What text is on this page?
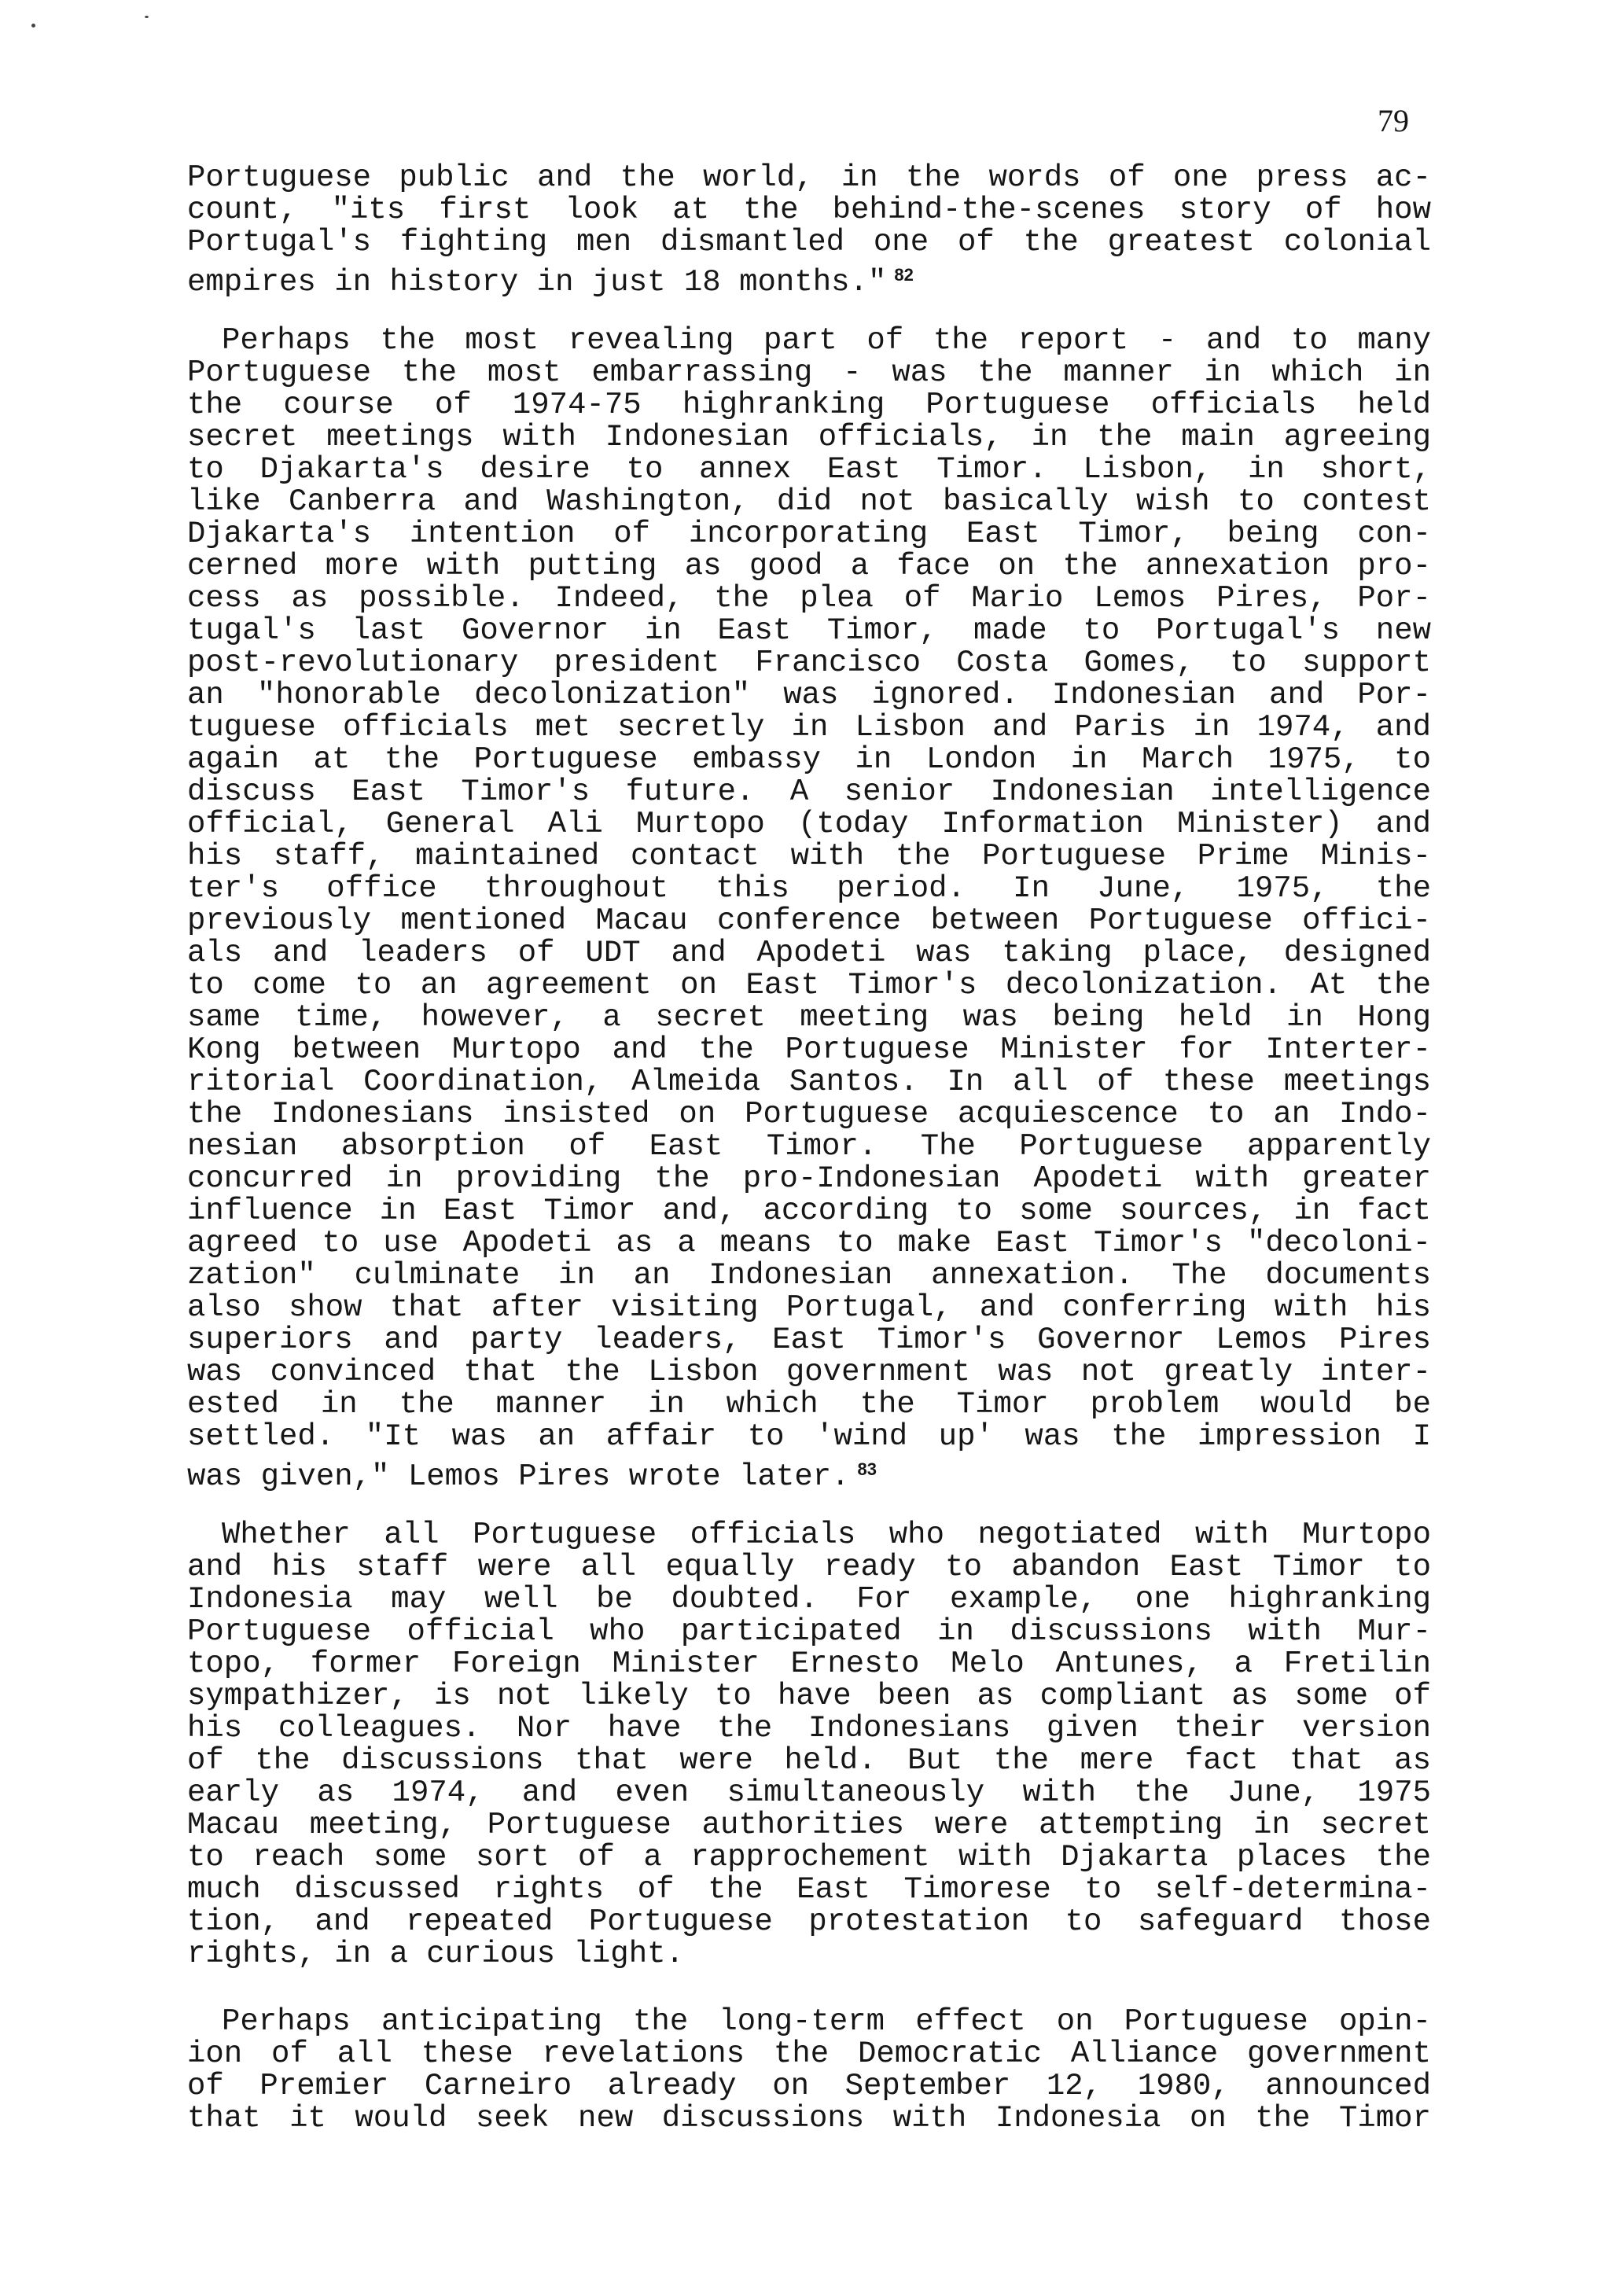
79
Portuguese public and the world, in the words of one press ac-
count, "its first look at the behind-the-scenes story of how
Portugal's fighting men dismantled one of the greatest colonial
empires in history in just 18 months." $^{82}$
Perhaps the most revealing part of the report - and to many
Portuguese the most embarrassing - was the manner in which in
the course of 1974-75 highranking Portuguese officials held
secret meetings with Indonesian officials, in the main agreeing
to Djakarta's desire to annex East Timor. Lisbon, in short,
like Canberra and Washington, did not basically wish to contest
Djakarta's intention of incorporating East Timor, being con-
cerned more with putting as good a face on the annexation pro-
cess as possible. Indeed, the plea of Mario Lemos Pires, Por-
tugal's last Governor in East Timor, made to Portugal's new
post-revolutionary president Francisco Costa Gomes, to support
an "honorable decolonization" was ignored. Indonesian and Por-
tuguese officials met secretly in Lisbon and Paris in 1974, and
again at the Portuguese embassy in London in March 1975, to
discuss East Timor's future. A senior Indonesian intelligence
official, General Ali Murtopo (today Information Minister) and
his staff, maintained contact with the Portuguese Prime Minis-
ter's office throughout this period. In June, 1975, the
previously mentioned Macau conference between Portuguese offici-
als and leaders of UDT and Apodeti was taking place, designed
to come to an agreement on East Timor's decolonization. At the
same time, however, a secret meeting was being held in Hong
Kong between Murtopo and the Portuguese Minister for Interter-
ritorial Coordination, Almeida Santos. In all of these meetings
the Indonesians insisted on Portuguese acquiescence to an Indo-
nesian absorption of East Timor. The Portuguese apparently
concurred in providing the pro-Indonesian Apodeti with greater
influence in East Timor and, according to some sources, in fact
agreed to use Apodeti as a means to make East Timor's "decoloni-
zation" culminate in an Indonesian annexation. The documents
also show that after visiting Portugal, and conferring with his
superiors and party leaders, East Timor's Governor Lemos Pires
was convinced that the Lisbon government was not greatly inter-
ested in the manner in which the Timor problem would be
settled. "It was an affair to 'wind up' was the impression I
was given," Lemos Pires wrote later. $^{83}$
Whether all Portuguese officials who negotiated with Murtopo
and his staff were all equally ready to abandon East Timor to
Indonesia may well be doubted. For example, one highranking
Portuguese official who participated in discussions with Mur-
topo, former Foreign Minister Ernesto Melo Antunes, a Fretilin
sympathizer, is not likely to have been as compliant as some of
his colleagues. Nor have the Indonesians given their version
of the discussions that were held. But the mere fact that as
early as 1974, and even simultaneously with the June, 1975
Macau meeting, Portuguese authorities were attempting in secret
to reach some sort of a rapprochement with Djakarta places the
much discussed rights of the East Timorese to self-determina-
tion, and repeated Portuguese protestation to safeguard those
rights, in a curious light.
Perhaps anticipating the long-term effect on Portuguese opin-
ion of all these revelations the Democratic Alliance government
of Premier Carneiro already on September 12, 1980, announced
that it would seek new discussions with Indonesia on the Timor
